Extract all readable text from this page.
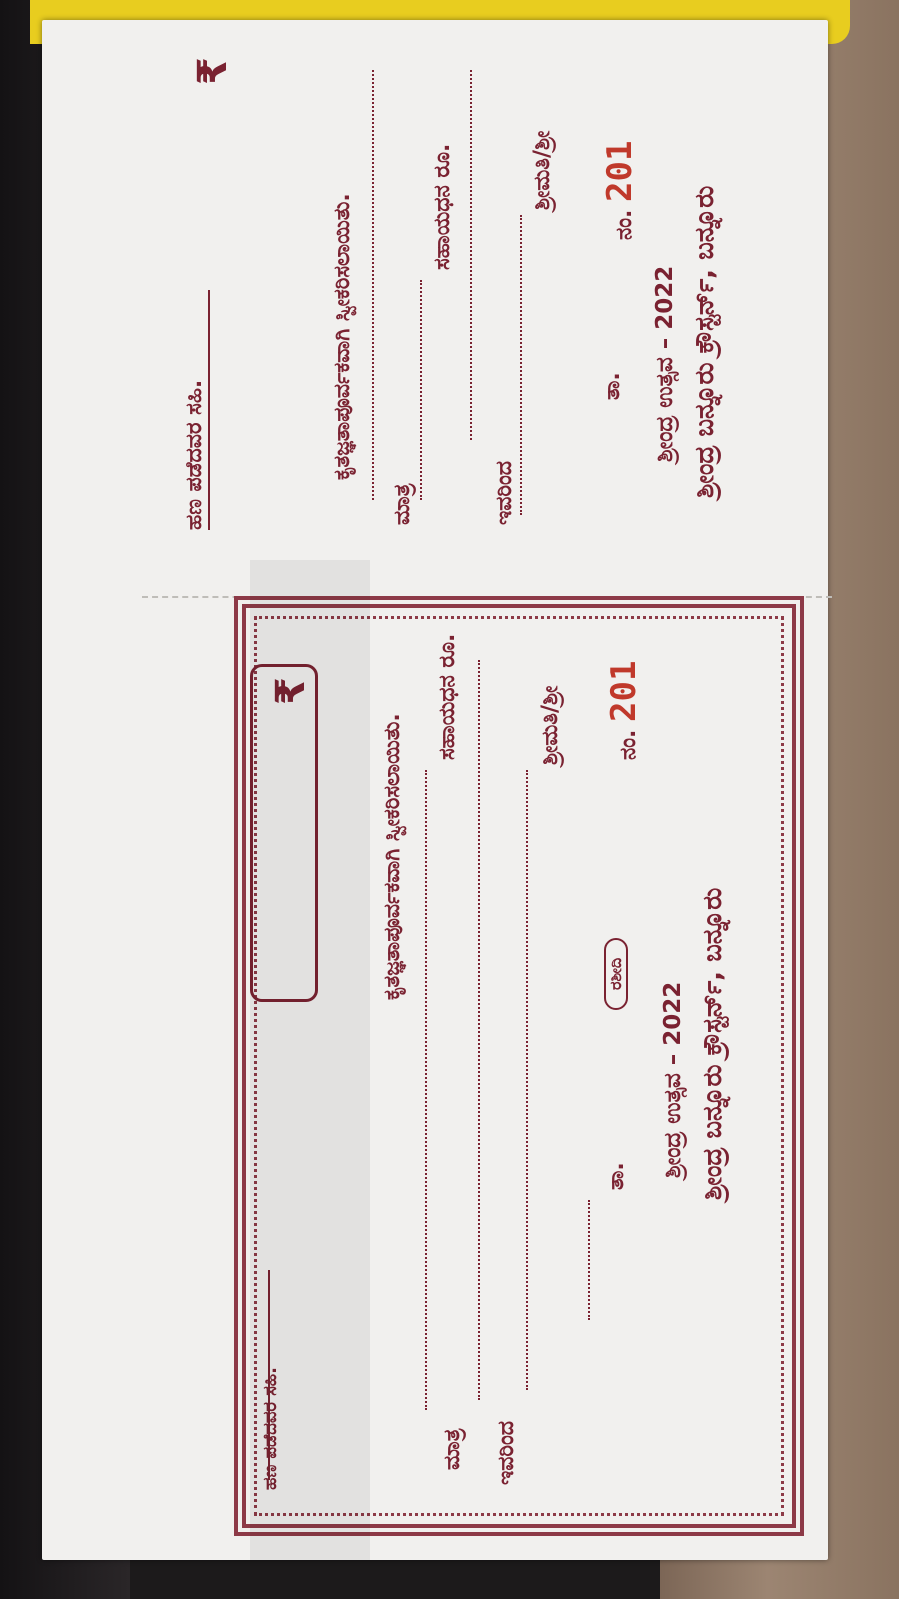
ಶ್ರೀಂದ್ರ ಬನ್ನೂರು ಕ್ರೌಸ್ಟರ್ನ್, ಬನ್ನೂರು
ಶ್ರೀಂದ್ರ ಉತ್ಸವ – 2022
ನಂ. 201
ತಾ.
ಶ್ರೀಮತಿ/ಶ್ರೀ
ಇವರಿಂದ
ಸಹಾಯಧನ ರೂ.
ಮಾತ್ರ
ಕೃತಜ್ಞತಾಪೂರ್ವಕವಾಗಿ ಸ್ವೀಕರಿಸಲಾಯಿತು.
₹
ಹಣ ಪಡೆದವರ ಸಹಿ.
ಶ್ರೀಂದ್ರ ಬನ್ನೂರು ಕ್ರೌಸ್ಟರ್ನ್, ಬನ್ನೂರು
ಶ್ರೀಂದ್ರ ಉತ್ಸವ – 2022
ನಂ. 201
ರಶೀದಿ
ತಾ.
ಶ್ರೀಮತಿ/ಶ್ರೀ
ಇವರಿಂದ
ಸಹಾಯಧನ ರೂ.
ಮಾತ್ರ
ಕೃತಜ್ಞತಾಪೂರ್ವಕವಾಗಿ ಸ್ವೀಕರಿಸಲಾಯಿತು.
₹
ಹಣ ಪಡೆದವರ ಸಹಿ.
